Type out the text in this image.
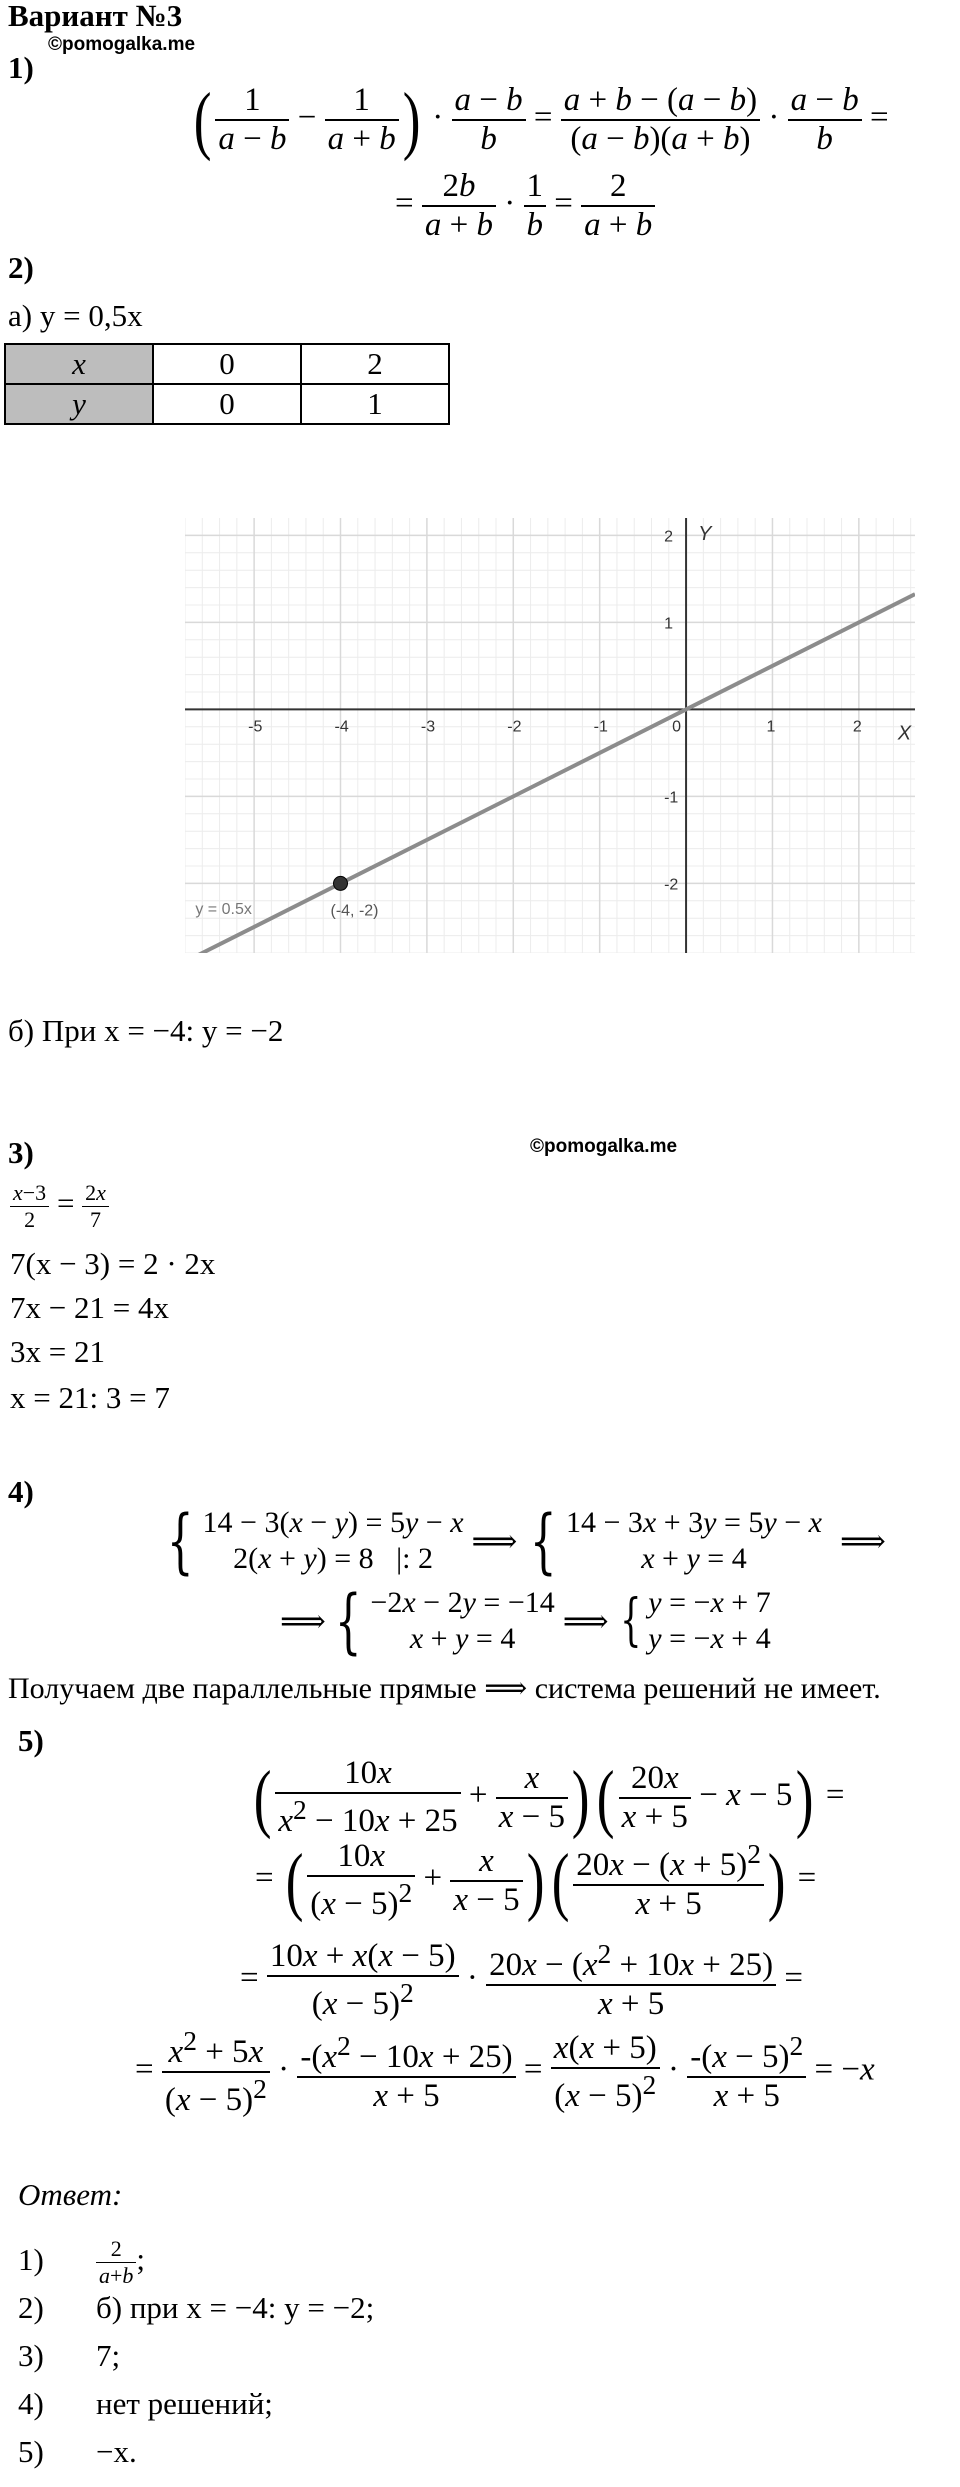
Вариант №3
©pomogalka.me
1)
( $\frac{1}{a - b} - \frac{1}{a + b}$ ) · $\frac{a - b}{b} = \frac{a + b - (a - b)}{(a - b)(a + b)} \cdot \frac{a - b}{b}$ =
= $\frac{2b}{a + b} \cdot \frac{1}{b} = \frac{2}{a + b}$
2)
а) y = 0,5x
x	0	2
y	0	1
-5	-4	-3	-2	-1	0	1	2
2
1
-1
-2
X
Y
y = 0.5x	(-4, -2)
б) При x = −4: y = −2
©pomogalka.me
3)
$\frac{x-3}{2} = \frac{2x}{7}$
7(x − 3) = 2 · 2x
7x − 21 = 4x
3x = 21
x = 21: 3 = 7
4)
{ 14 − 3(x − y) = 5y − x
2(x + y) = 8   |: 2 ⟹ { 14 − 3x + 3y = 5y − x
x + y = 4	⟹
⟹ { −2x − 2y = −14
x + y = 4 ⟹ { y = −x + 7
y = −x + 4
Получаем две параллельные прямые ⟹ система решений не имеет.
5)
( $\frac{10x}{x^2 - 10x + 25} + \frac{x}{x - 5}$ )( $\frac{20x}{x + 5} - x - 5$) =
= ( $\frac{10x}{(x - 5)^2} + \frac{x}{x - 5}$ )( $\frac{20x - (x + 5)^2}{x + 5}$ ) =
= $\frac{10x + x(x - 5)}{(x - 5)^2} \cdot \frac{20x - (x^2 + 10x + 25)}{x + 5}$ =
= $\frac{x^2 + 5x}{(x - 5)^2} \cdot \frac{-(x^2 - 10x + 25)}{x + 5} = \frac{x(x + 5)}{(x - 5)^2} \cdot \frac{-(x - 5)^2}{x + 5} = -x$
Ответ:
$1) \frac{2}{a+b}$ ;
2) б) при x = −4: y = −2;
3) 7;
4) нет решений;
5) −x.
